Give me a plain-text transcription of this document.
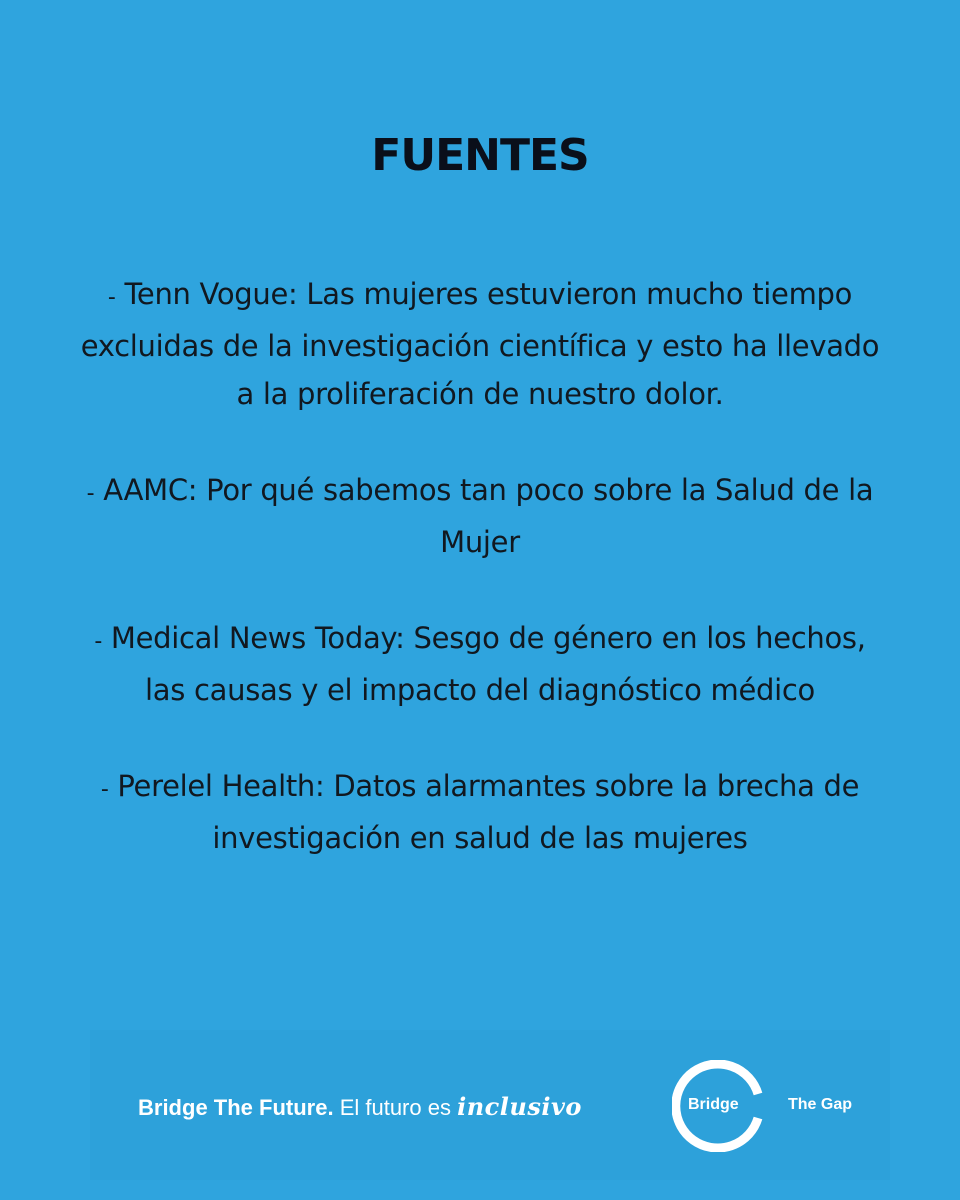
FUENTES

- Tenn Vogue: Las mujeres estuvieron mucho tiempo excluidas de la investigación científica y esto ha llevado a la proliferación de nuestro dolor.

- AAMC: Por qué sabemos tan poco sobre la Salud de la Mujer

- Medical News Today: Sesgo de género en los hechos, las causas y el impacto del diagnóstico médico

- Perelel Health: Datos alarmantes sobre la brecha de investigación en salud de las mujeres

Bridge The Future. El futuro es inclusivo	Bridge	The Gap
